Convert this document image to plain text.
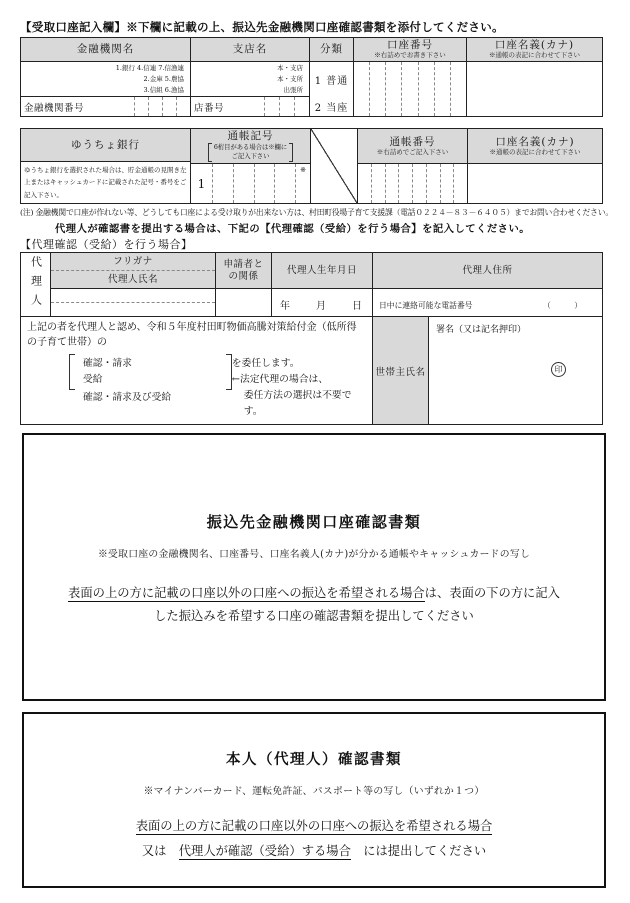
【受取口座記入欄】※下欄に記載の上、振込先金融機関口座確認書類を添付してください。
金融機関名
1.銀行 4.信連 7.信漁連
2.金庫 5.農協
3.信組 6.漁協
金融機関番号
支店名
本・支店
本・支所
出張所
店番号
分類
1 普通
2 当座
口座番号
※右詰めでお書き下さい
口座名義(カナ)
※通帳の表記に合わせて下さい
ゆうちょ銀行
ゆうちょ銀行を選択された場合は、貯金通帳の見開き左上またはキャッシュカードに記載された記号・番号をご記入下さい。
通帳記号
6桁目がある場合は※欄に
ご記入下さい
1
※
通帳番号
※右詰めでご記入下さい
口座名義(カナ)
※通帳の表記に合わせて下さい
(注) 金融機関で口座が作れない等、どうしても口座による受け取りが出来ない方は、村田町役場子育て支援課（電話０２２４－８３－６４０５）までお問い合わせください。
代理人が確認書を提出する場合は、下記の【代理確認（受給）を行う場合】を記入してください。
【代理確認（受給）を行う場合】
代理人	フリガナ
代理人氏名
申請者との関係
代理人生年月日
年　　月　　日
代理人住所
日中に連絡可能な電話番号	（　　　）
上記の者を代理人と認め、令和５年度村田町物価高騰対策給付金（低所得の子育て世帯）の
確認・請求
受給
確認・請求及び受給
を委任します。
←法定代理の場合は、
委任方法の選択は不要です。
世帯主氏名
署名（又は記名押印）
印
振込先金融機関口座確認書類
※受取口座の金融機関名、口座番号、口座名義人(カナ)が分かる通帳やキャッシュカードの写し
表面の上の方に記載の口座以外の口座への振込を希望される場合は、表面の下の方に記入
した振込みを希望する口座の確認書類を提出してください
本人（代理人）確認書類
※マイナンバーカード、運転免許証、パスポート等の写し（いずれか１つ）
表面の上の方に記載の口座以外の口座への振込を希望される場合
又は　代理人が確認（受給）する場合　には提出してください
